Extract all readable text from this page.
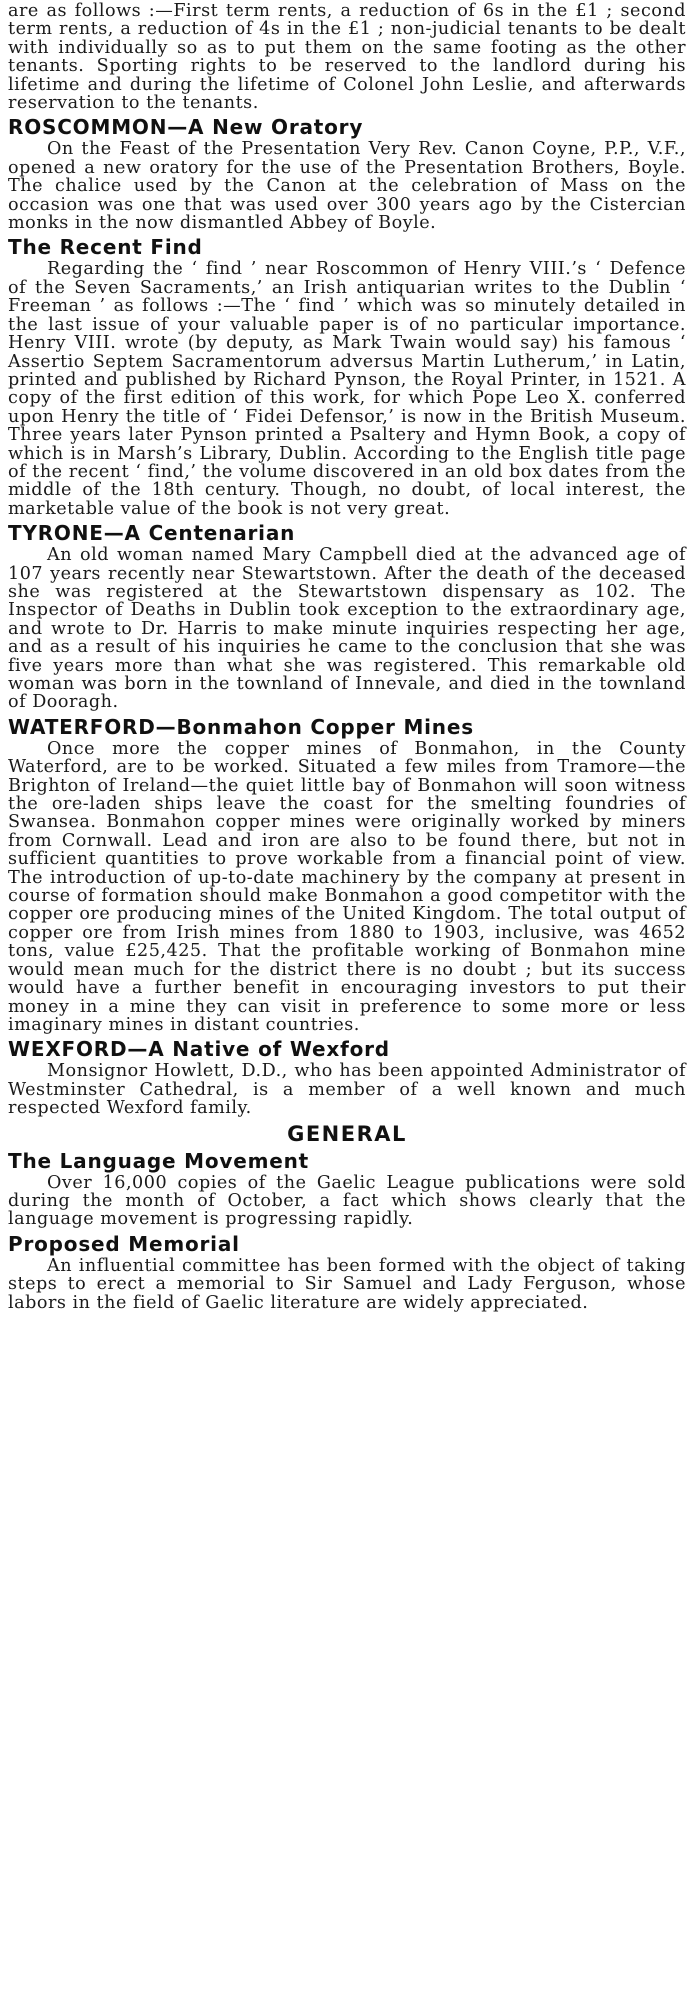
are as follows :—First term rents, a reduction of 6s in the £1 ; second term rents, a reduction of 4s in the £1 ; non-judicial tenants to be dealt with individually so as to put them on the same footing as the other tenants. Sporting rights to be reserved to the landlord during his lifetime and during the lifetime of Colonel John Leslie, and afterwards reservation to the tenants.

ROSCOMMON—A New Oratory

On the Feast of the Presentation Very Rev. Canon Coyne, P.P., V.F., opened a new oratory for the use of the Presentation Brothers, Boyle. The chalice used by the Canon at the celebration of Mass on the occasion was one that was used over 300 years ago by the Cistercian monks in the now dismantled Abbey of Boyle.

The Recent Find

Regarding the ‘ find ’ near Roscommon of Henry VIII.’s ‘ Defence of the Seven Sacraments,’ an Irish antiquarian writes to the Dublin ‘ Freeman ’ as follows :—The ‘ find ’ which was so minutely detailed in the last issue of your valuable paper is of no particular importance. Henry VIII. wrote (by deputy, as Mark Twain would say) his famous ‘ Assertio Septem Sacramentorum adversus Martin Lutherum,’ in Latin, printed and published by Richard Pynson, the Royal Printer, in 1521. A copy of the first edition of this work, for which Pope Leo X. conferred upon Henry the title of ‘ Fidei Defensor,’ is now in the British Museum. Three years later Pynson printed a Psaltery and Hymn Book, a copy of which is in Marsh’s Library, Dublin. According to the English title page of the recent ‘ find,’ the volume discovered in an old box dates from the middle of the 18th century. Though, no doubt, of local interest, the marketable value of the book is not very great.

TYRONE—A Centenarian

An old woman named Mary Campbell died at the advanced age of 107 years recently near Stewartstown. After the death of the deceased she was registered at the Stewartstown dispensary as 102. The Inspector of Deaths in Dublin took exception to the extraordinary age, and wrote to Dr. Harris to make minute inquiries respecting her age, and as a result of his inquiries he came to the conclusion that she was five years more than what she was registered. This remarkable old woman was born in the townland of Innevale, and died in the townland of Dooragh.

WATERFORD—Bonmahon Copper Mines

Once more the copper mines of Bonmahon, in the County Waterford, are to be worked. Situated a few miles from Tramore—the Brighton of Ireland—the quiet little bay of Bonmahon will soon witness the ore-laden ships leave the coast for the smelting foundries of Swansea. Bonmahon copper mines were originally worked by miners from Cornwall. Lead and iron are also to be found there, but not in sufficient quantities to prove workable from a financial point of view. The introduction of up-to-date machinery by the company at present in course of formation should make Bonmahon a good competitor with the copper ore producing mines of the United Kingdom. The total output of copper ore from Irish mines from 1880 to 1903, inclusive, was 4652 tons, value £25,425. That the profitable working of Bonmahon mine would mean much for the district there is no doubt ; but its success would have a further benefit in encouraging investors to put their money in a mine they can visit in preference to some more or less imaginary mines in distant countries.

WEXFORD—A Native of Wexford

Monsignor Howlett, D.D., who has been appointed Administrator of Westminster Cathedral, is a member of a well known and much respected Wexford family.

GENERAL
The Language Movement

Over 16,000 copies of the Gaelic League publications were sold during the month of October, a fact which shows clearly that the language movement is progressing rapidly.

Proposed Memorial

An influential committee has been formed with the object of taking steps to erect a memorial to Sir Samuel and Lady Ferguson, whose labors in the field of Gaelic literature are widely appreciated.
